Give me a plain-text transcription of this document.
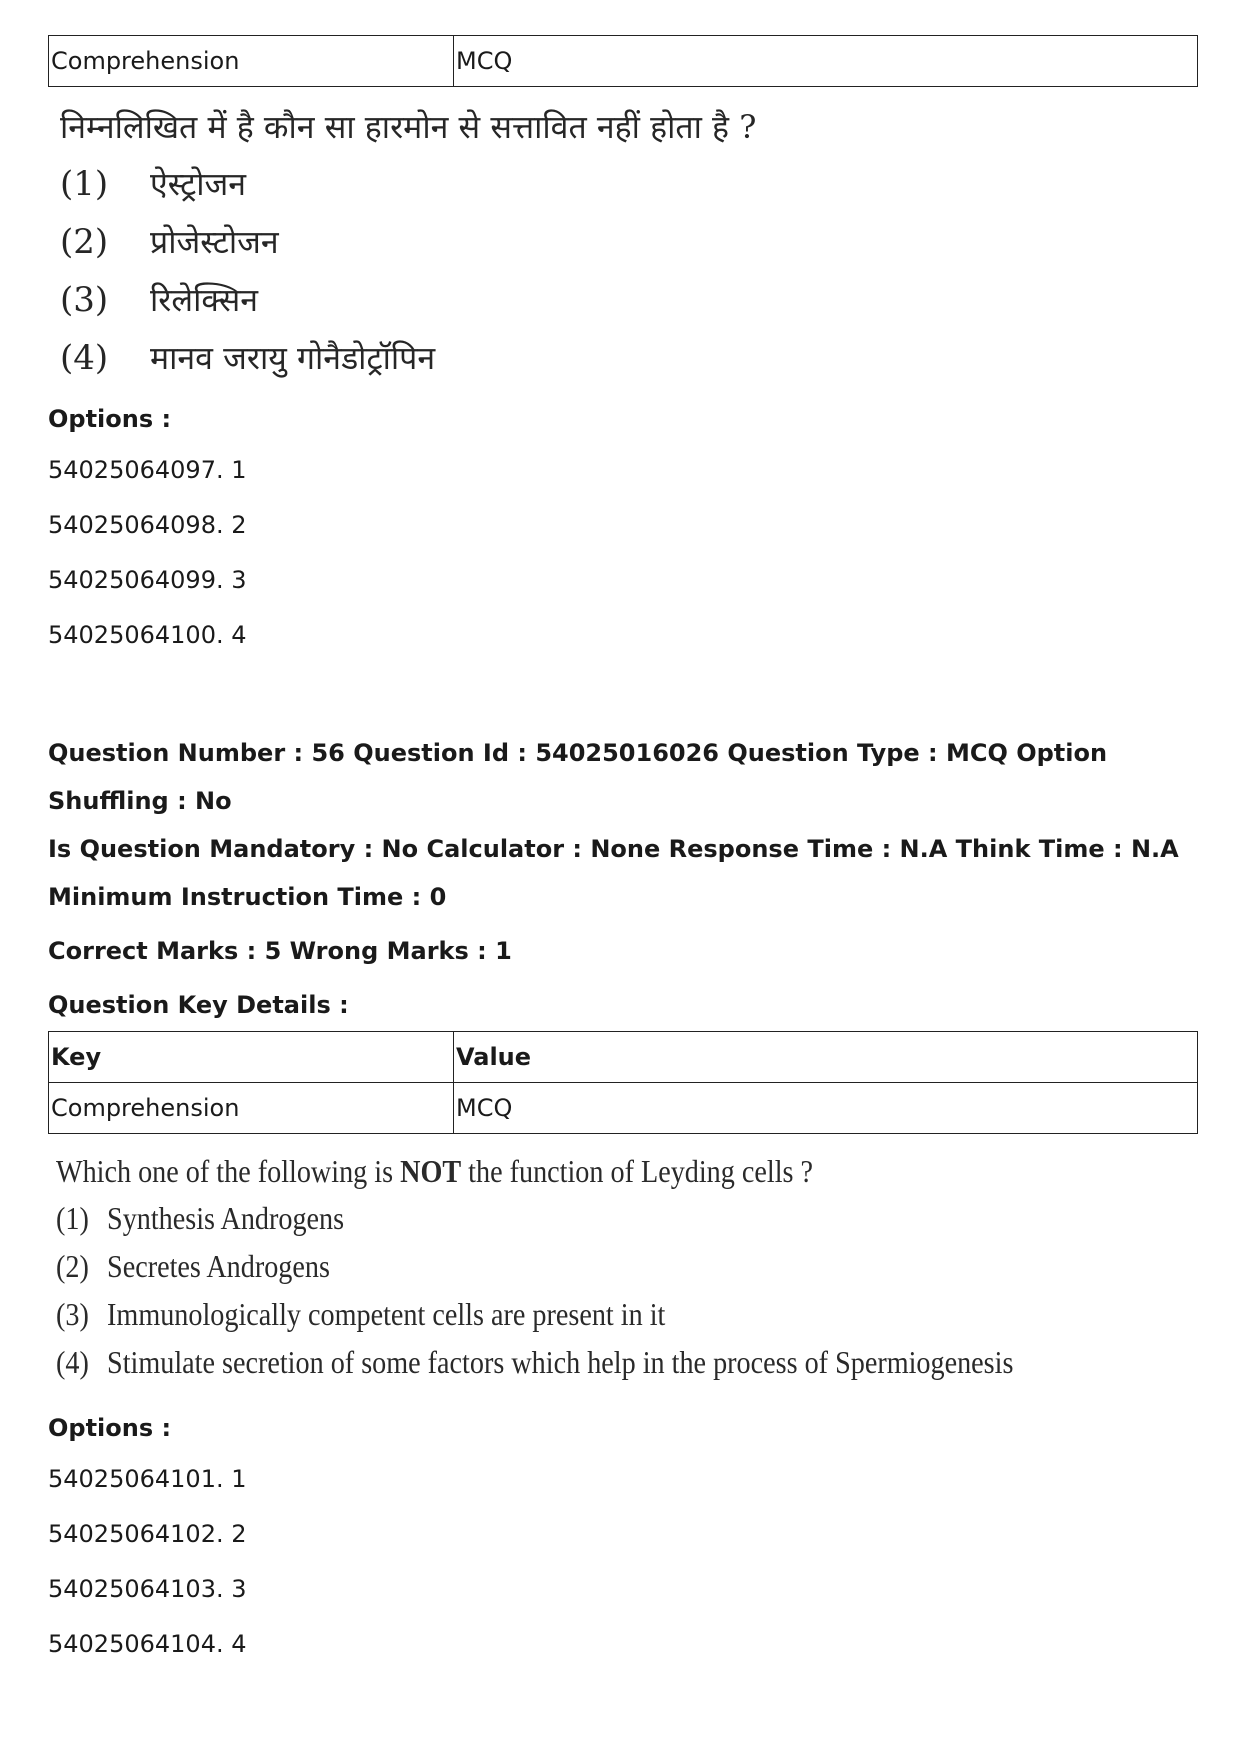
Comprehension	MCQ
निम्नलिखित में है कौन सा हारमोन से सत्तावित नहीं होता है ?
(1)	ऐस्ट्रोजन
(2)	प्रोजेस्टोजन
(3)	रिलेक्सिन
(4)	मानव जरायु गोनैडोट्रॉपिन
Options :
54025064097. 1
54025064098. 2
54025064099. 3
54025064100. 4
Question Number : 56 Question Id : 54025016026 Question Type : MCQ Option Shuffling : No
Is Question Mandatory : No Calculator : None Response Time : N.A Think Time : N.A
Minimum Instruction Time : 0
Correct Marks : 5 Wrong Marks : 1
Question Key Details :
Key	Value
Comprehension	MCQ
Which one of the following is NOT the function of Leyding cells ?
(1) Synthesis Androgens
(2) Secretes Androgens
(3) Immunologically competent cells are present in it
(4) Stimulate secretion of some factors which help in the process of Spermiogenesis
Options :
54025064101. 1
54025064102. 2
54025064103. 3
54025064104. 4
